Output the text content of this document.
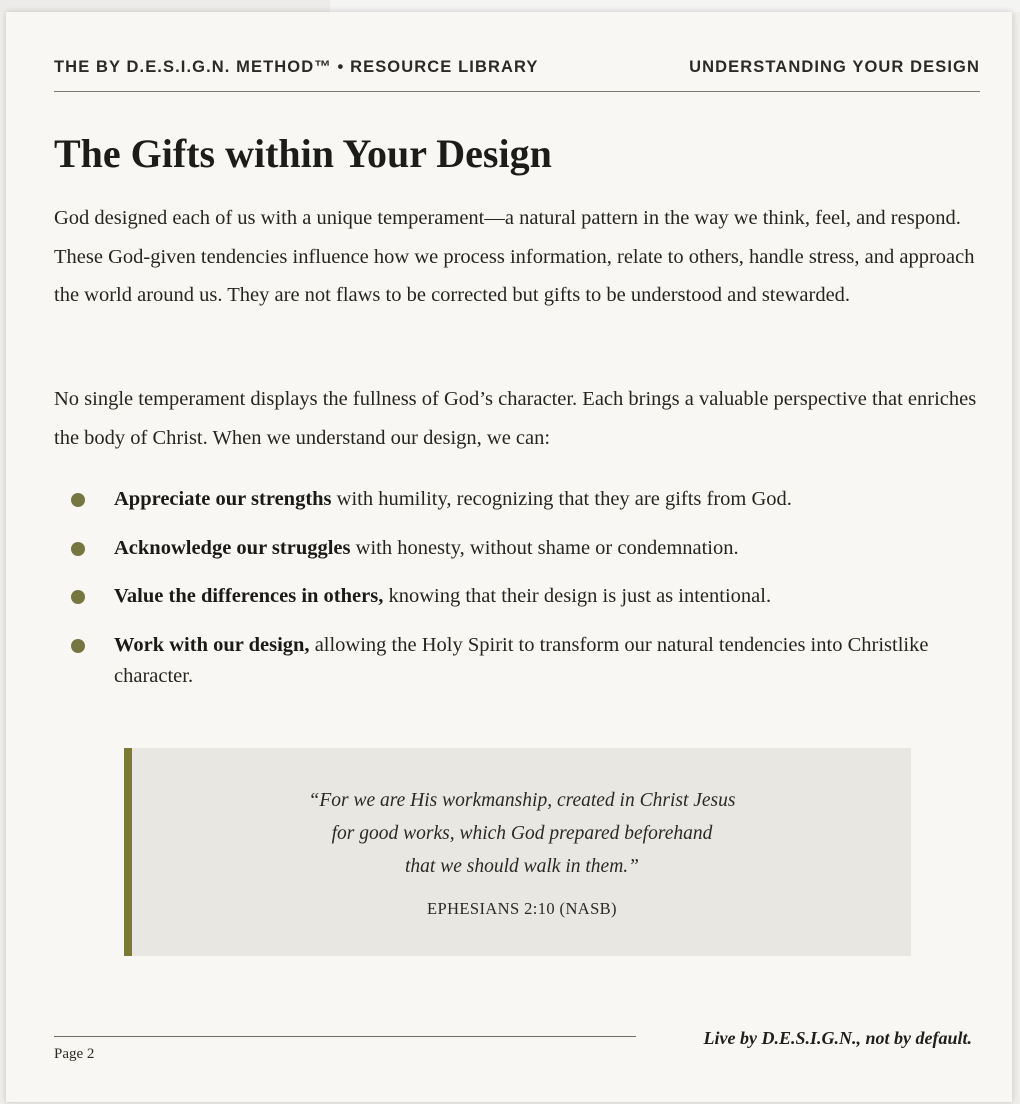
THE BY D.E.S.I.G.N. METHOD™ • RESOURCE LIBRARY	UNDERSTANDING YOUR DESIGN
The Gifts within Your Design

God designed each of us with a unique temperament—a natural pattern in the way we think, feel, and respond. These God-given tendencies influence how we process information, relate to others, handle stress, and approach the world around us. They are not flaws to be corrected but gifts to be understood and stewarded.

No single temperament displays the fullness of God’s character. Each brings a valuable perspective that enriches the body of Christ. When we understand our design, we can:

Appreciate our strengths with humility, recognizing that they are gifts from God.
Acknowledge our struggles with honesty, without shame or condemnation.
Value the differences in others, knowing that their design is just as intentional.
Work with our design, allowing the Holy Spirit to transform our natural tendencies into Christlike character.
“For we are His workmanship, created in Christ Jesus
for good works, which God prepared beforehand
that we should walk in them.”
EPHESIANS 2:10 (NASB)
Page 2
Live by D.E.S.I.G.N., not by default.
